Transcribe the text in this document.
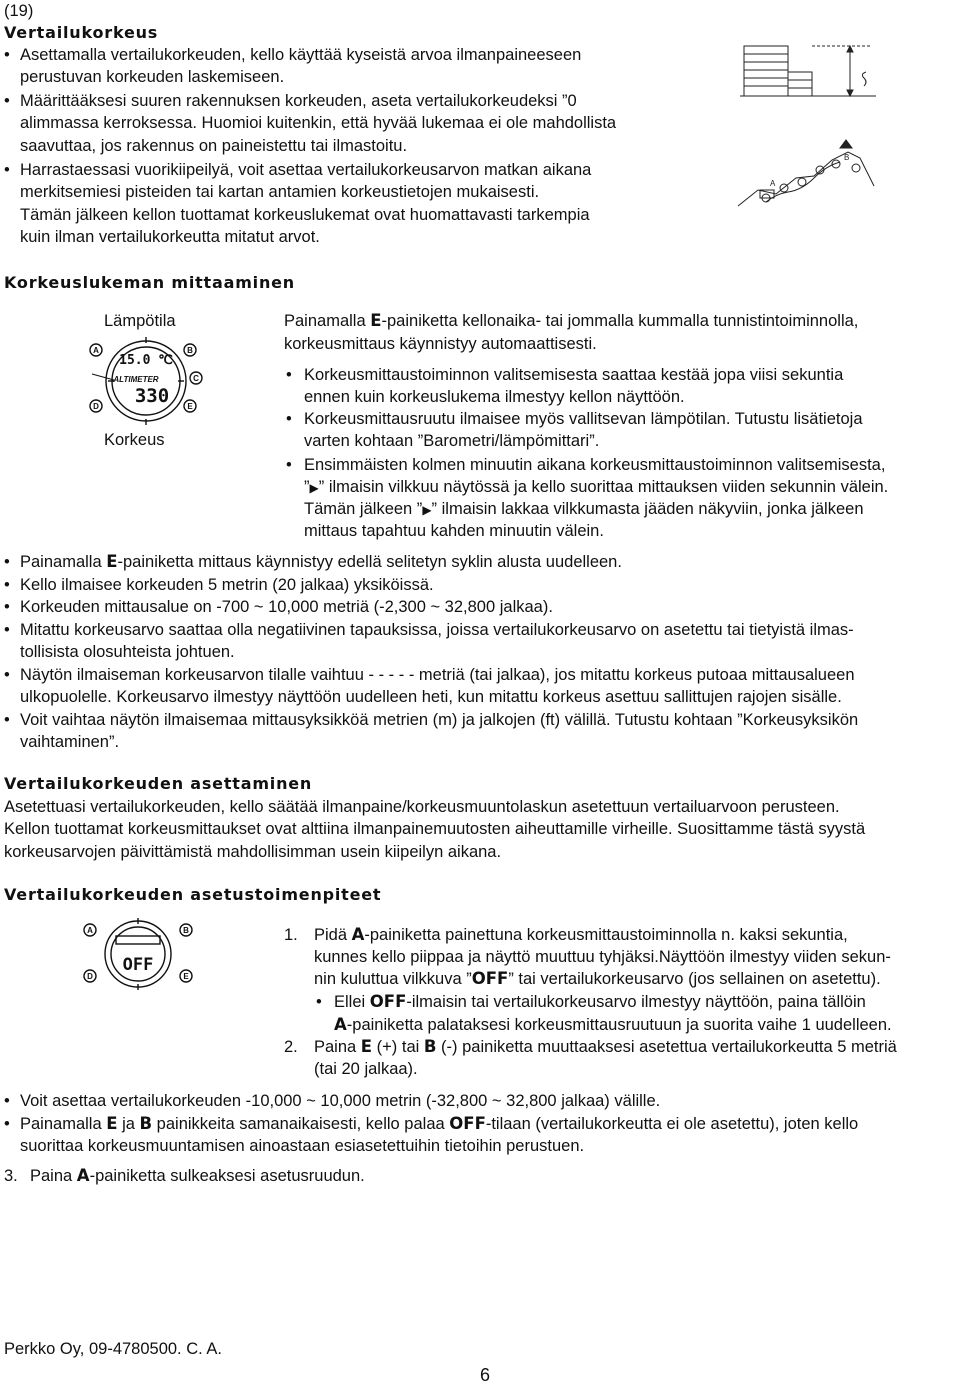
(19)
Vertailukorkeus
• Asettamalla vertailukorkeuden, kello käyttää kyseistä arvoa ilmanpaineeseen
perustuvan korkeuden laskemiseen.
• Määrittääksesi suuren rakennuksen korkeuden, aseta vertailukorkeudeksi ”0
alimmassa kerroksessa. Huomioi kuitenkin, että hyvää lukemaa ei ole mahdollista
saavuttaa, jos rakennus on paineistettu tai ilmastoitu.
• Harrastaessasi vuorikiipeilyä, voit asettaa vertailukorkeusarvon matkan aikana
merkitsemiesi pisteiden tai kartan antamien korkeustietojen mukaisesti.
Tämän jälkeen kellon tuottamat korkeuslukemat ovat huomattavasti tarkempia
kuin ilman vertailukorkeutta mitatut arvot.
A
B
Korkeuslukeman mittaaminen
Lämpötila
Korkeus
A
D
B
C
E
15.0 ℃
ALTIMETER
330
Painamalla E-painiketta kellonaika- tai jommalla kummalla tunnistintoiminnolla,
korkeusmittaus käynnistyy automaattisesti.
• Korkeusmittaustoiminnon valitsemisesta saattaa kestää jopa viisi sekuntia
ennen kuin korkeuslukema ilmestyy kellon näyttöön.
• Korkeusmittausruutu ilmaisee myös vallitsevan lämpötilan. Tutustu lisätietoja
varten kohtaan ”Barometri/lämpömittari”.
• Ensimmäisten kolmen minuutin aikana korkeusmittaustoiminnon valitsemisesta,
”▶” ilmaisin vilkkuu näytössä ja kello suorittaa mittauksen viiden sekunnin välein.
Tämän jälkeen ”▶” ilmaisin lakkaa vilkkumasta jääden näkyviin, jonka jälkeen
mittaus tapahtuu kahden minuutin välein.
• Painamalla E-painiketta mittaus käynnistyy edellä selitetyn syklin alusta uudelleen.
• Kello ilmaisee korkeuden 5 metrin (20 jalkaa) yksiköissä.
• Korkeuden mittausalue on -700 ~ 10,000 metriä (-2,300 ~ 32,800 jalkaa).
• Mitattu korkeusarvo saattaa olla negatiivinen tapauksissa, joissa vertailukorkeusarvo on asetettu tai tietyistä ilmas-
tollisista olosuhteista johtuen.
• Näytön ilmaiseman korkeusarvon tilalle vaihtuu - - - - - metriä (tai jalkaa), jos mitattu korkeus putoaa mittausalueen
ulkopuolelle. Korkeusarvo ilmestyy näyttöön uudelleen heti, kun mitattu korkeus asettuu sallittujen rajojen sisälle.
• Voit vaihtaa näytön ilmaisemaa mittausyksikköä metrien (m) ja jalkojen (ft) välillä. Tutustu kohtaan ”Korkeusyksikön
vaihtaminen”.
Vertailukorkeuden asettaminen
Asetettuasi vertailukorkeuden, kello säätää ilmanpaine/korkeusmuuntolaskun asetettuun vertailuarvoon perusteen.
Kellon tuottamat korkeusmittaukset ovat alttiina ilmanpainemuutosten aiheuttamille virheille. Suosittamme tästä syystä
korkeusarvojen päivittämistä mahdollisimman usein kiipeilyn aikana.
Vertailukorkeuden asetustoimenpiteet
A
D
B
E
OFF
1. Pidä A-painiketta painettuna korkeusmittaustoiminnolla n. kaksi sekuntia,
kunnes kello piippaa ja näyttö muuttuu tyhjäksi.Näyttöön ilmestyy viiden sekun-
nin kuluttua vilkkuva ”OFF” tai vertailukorkeusarvo (jos sellainen on asetettu).
• Ellei OFF-ilmaisin tai vertailukorkeusarvo ilmestyy näyttöön, paina tällöin
A-painiketta palataksesi korkeusmittausruutuun ja suorita vaihe 1 uudelleen.
2. Paina E (+) tai B (-) painiketta muuttaaksesi asetettua vertailukorkeutta 5 metriä
(tai 20 jalkaa).
• Voit asettaa vertailukorkeuden -10,000 ~ 10,000 metrin (-32,800 ~ 32,800 jalkaa) välille.
• Painamalla E ja B painikkeita samanaikaisesti, kello palaa OFF-tilaan (vertailukorkeutta ei ole asetettu), joten kello
suorittaa korkeusmuuntamisen ainoastaan esiasetettuihin tietoihin perustuen.
3. Paina A-painiketta sulkeaksesi asetusruudun.
Perkko Oy, 09-4780500. C. A.
6
